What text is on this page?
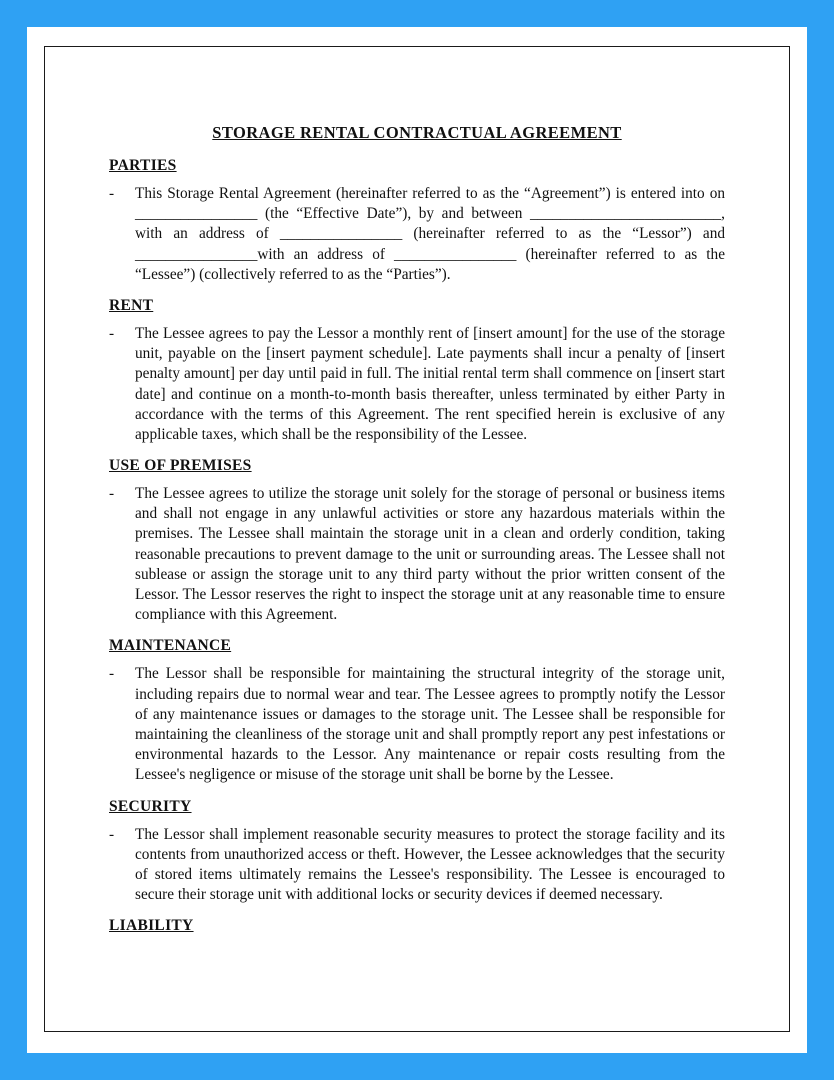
STORAGE RENTAL CONTRACTUAL AGREEMENT
PARTIES
-	This Storage Rental Agreement (hereinafter referred to as the “Agreement”) is entered into on ________________ (the “Effective Date”), by and between _________________________, with an address of ________________ (hereinafter referred to as the “Lessor”) and ________________with an address of ________________ (hereinafter referred to as the “Lessee”) (collectively referred to as the “Parties”).

RENT
-	The Lessee agrees to pay the Lessor a monthly rent of [insert amount] for the use of the storage unit, payable on the [insert payment schedule]. Late payments shall incur a penalty of [insert penalty amount] per day until paid in full. The initial rental term shall commence on [insert start date] and continue on a month-to-month basis thereafter, unless terminated by either Party in accordance with the terms of this Agreement. The rent specified herein is exclusive of any applicable taxes, which shall be the responsibility of the Lessee.

USE OF PREMISES
-	The Lessee agrees to utilize the storage unit solely for the storage of personal or business items and shall not engage in any unlawful activities or store any hazardous materials within the premises. The Lessee shall maintain the storage unit in a clean and orderly condition, taking reasonable precautions to prevent damage to the unit or surrounding areas. The Lessee shall not sublease or assign the storage unit to any third party without the prior written consent of the Lessor. The Lessor reserves the right to inspect the storage unit at any reasonable time to ensure compliance with this Agreement.

MAINTENANCE
-	The Lessor shall be responsible for maintaining the structural integrity of the storage unit, including repairs due to normal wear and tear. The Lessee agrees to promptly notify the Lessor of any maintenance issues or damages to the storage unit. The Lessee shall be responsible for maintaining the cleanliness of the storage unit and shall promptly report any pest infestations or environmental hazards to the Lessor. Any maintenance or repair costs resulting from the Lessee's negligence or misuse of the storage unit shall be borne by the Lessee.

SECURITY
-	The Lessor shall implement reasonable security measures to protect the storage facility and its contents from unauthorized access or theft. However, the Lessee acknowledges that the security of stored items ultimately remains the Lessee's responsibility. The Lessee is encouraged to secure their storage unit with additional locks or security devices if deemed necessary.

LIABILITY
